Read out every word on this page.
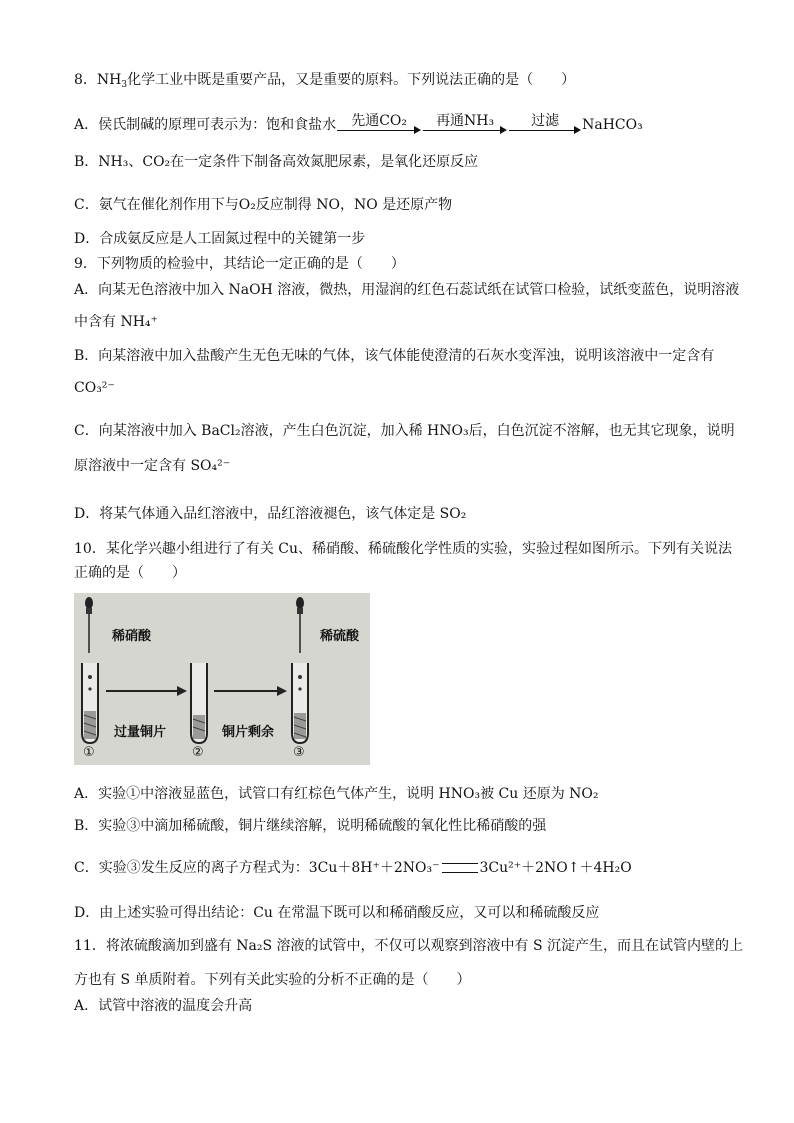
8．$NH_3$化学工业中既是重要产品，又是重要的原料。下列说法正确的是（　　）
A．侯氏制碱的原理可表示为：饱和食盐水	先通CO₂	再通NH₃	过滤	NaHCO₃
B．NH₃、CO₂在一定条件下制备高效氮肥尿素，是氧化还原反应
C．氨气在催化剂作用下与O₂反应制得 NO，NO 是还原产物
D．合成氨反应是人工固氮过程中的关键第一步
9．下列物质的检验中，其结论一定正确的是（　　）
A．向某无色溶液中加入 NaOH 溶液，微热，用湿润的红色石蕊试纸在试管口检验，试纸变蓝色，说明溶液
中含有 NH₄⁺
B．向某溶液中加入盐酸产生无色无味的气体，该气体能使澄清的石灰水变浑浊，说明该溶液中一定含有
CO₃²⁻
C．向某溶液中加入 BaCl₂溶液，产生白色沉淀，加入稀 HNO₃后，白色沉淀不溶解，也无其它现象，说明
原溶液中一定含有 SO₄²⁻
D．将某气体通入品红溶液中，品红溶液褪色，该气体定是 SO₂
10．某化学兴趣小组进行了有关 Cu、稀硝酸、稀硫酸化学性质的实验，实验过程如图所示。下列有关说法
正确的是（　　）
稀硝酸	稀硫酸
过量铜片	铜片剩余
①	②	③
A．实验①中溶液显蓝色，试管口有红棕色气体产生，说明 HNO₃被 Cu 还原为 NO₂
B．实验③中滴加稀硫酸，铜片继续溶解，说明稀硫酸的氧化性比稀硝酸的强
C．实验③发生反应的离子方程式为：3Cu＋8H⁺＋2NO₃⁻	3Cu²⁺＋2NO↑＋4H₂O
D．由上述实验可得出结论：Cu 在常温下既可以和稀硝酸反应，又可以和稀硫酸反应
11．将浓硫酸滴加到盛有 Na₂S 溶液的试管中，不仅可以观察到溶液中有 S 沉淀产生，而且在试管内壁的上
方也有 S 单质附着。下列有关此实验的分析不正确的是（　　）
A．试管中溶液的温度会升高
